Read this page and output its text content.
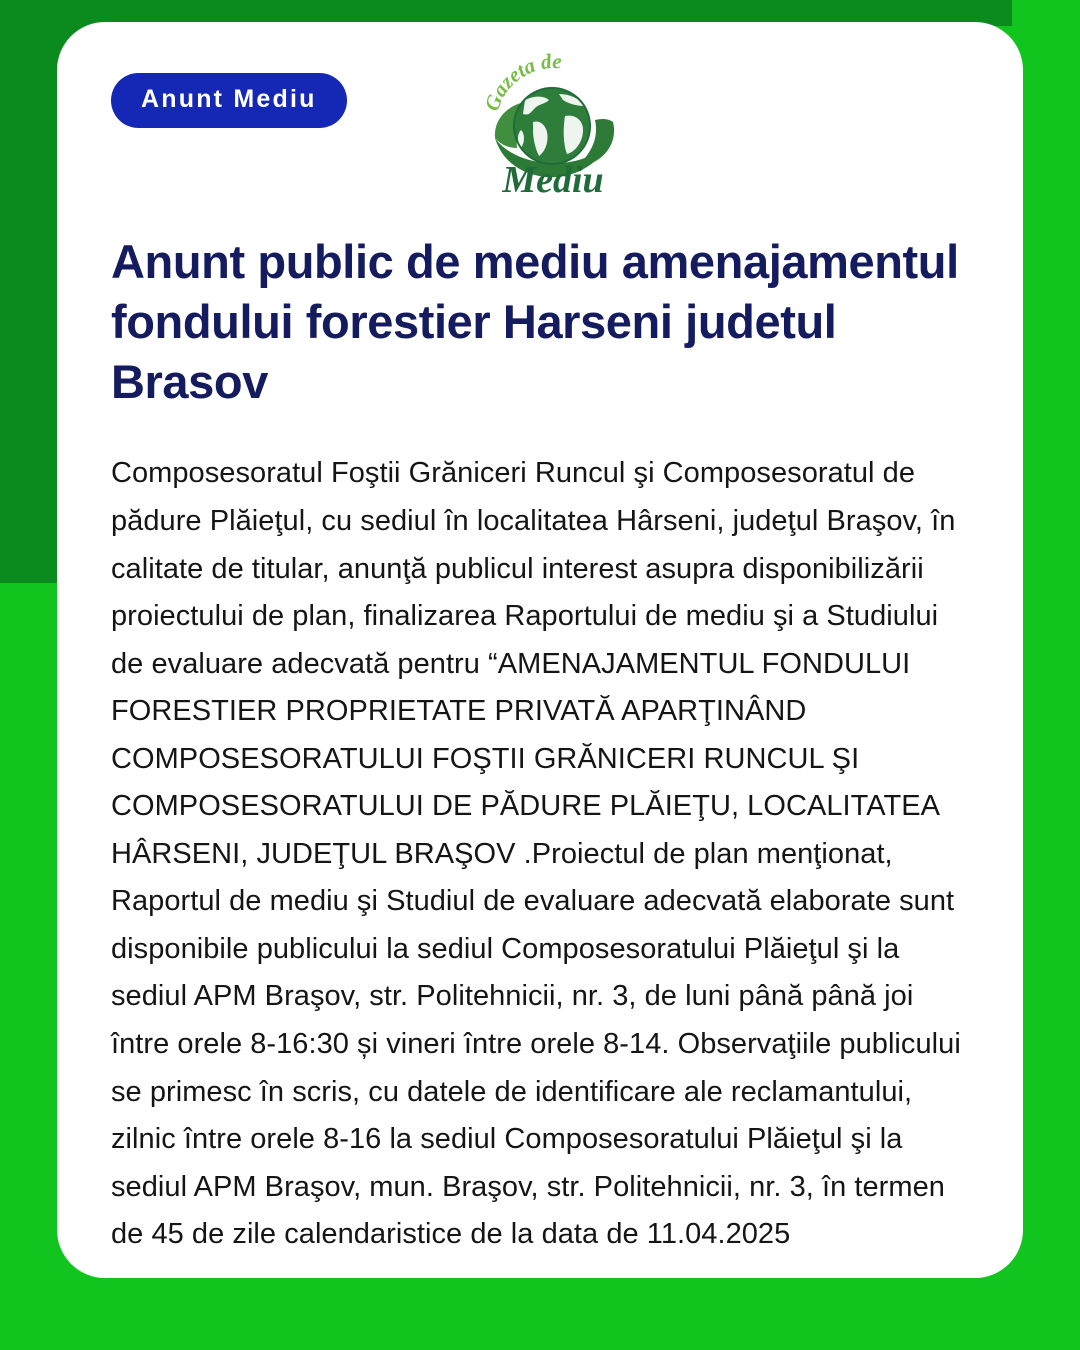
Anunt Mediu	Gazeta de
Mediu
Anunt public de mediu amenajamentul fondului forestier Harseni judetul Brasov

Composesoratul Foştii Grăniceri Runcul şi Composesoratul de pădure Plăieţul, cu sediul în localitatea Hârseni, judeţul Braşov, în calitate de titular, anunţă publicul interest asupra disponibilizării proiectului de plan, finalizarea Raportului de mediu şi a Studiului de evaluare adecvată pentru “AMENAJAMENTUL FONDULUI FORESTIER PROPRIETATE PRIVATĂ APARŢINÂND COMPOSESORATULUI FOŞTII GRĂNICERI RUNCUL ŞI COMPOSESORATULUI DE PĂDURE PLĂIEŢU, LOCALITATEA HÂRSENI, JUDEŢUL BRAŞOV .Proiectul de plan menţionat, Raportul de mediu şi Studiul de evaluare adecvată elaborate sunt disponibile publicului la sediul Composesoratului Plăieţul şi la sediul APM Braşov, str. Politehnicii, nr. 3, de luni până până joi între orele 8-16:30 și vineri între orele 8-14. Observaţiile publicului se primesc în scris, cu datele de identificare ale reclamantului, zilnic între orele 8-16 la sediul Composesoratului Plăieţul şi la sediul APM Braşov, mun. Braşov, str. Politehnicii, nr. 3, în termen de 45 de zile calendaristice de la data de 11.04.2025
